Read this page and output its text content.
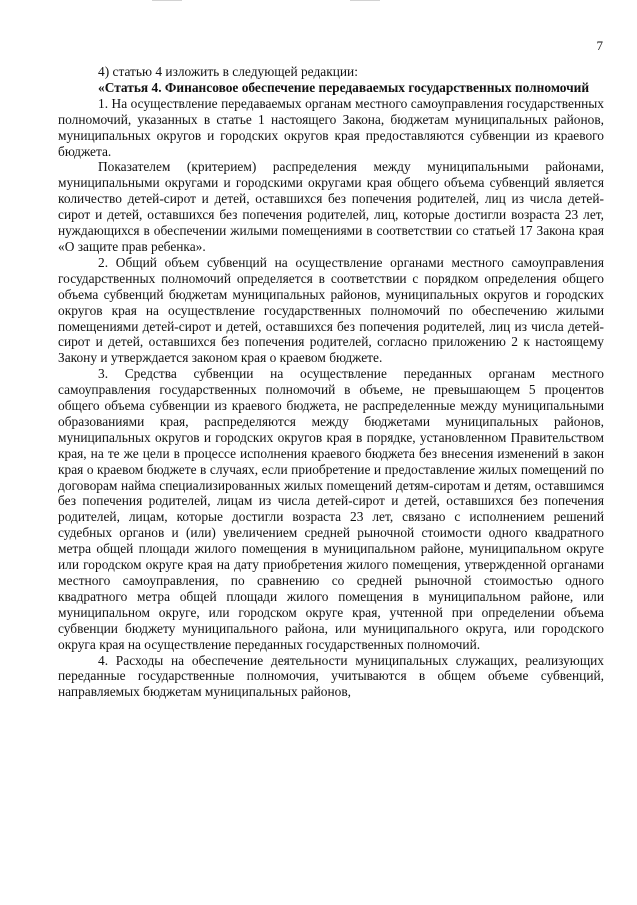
7

4) статью 4 изложить в следующей редакции:

«Статья 4. Финансовое обеспечение передаваемых государственных полномочий

1. На осуществление передаваемых органам местного самоуправления государственных полномочий, указанных в статье 1 настоящего Закона, бюджетам муниципальных районов, муниципальных округов и городских округов края предоставляются субвенции из краевого бюджета.

Показателем (критерием) распределения между муниципальными районами, муниципальными округами и городскими округами края общего объема субвенций является количество детей-сирот и детей, оставшихся без попечения родителей, лиц из числа детей-сирот и детей, оставшихся без попечения родителей, лиц, которые достигли возраста 23 лет, нуждающихся в обеспечении жилыми помещениями в соответствии со статьей 17 Закона края «О защите прав ребенка».

2. Общий объем субвенций на осуществление органами местного самоуправления государственных полномочий определяется в соответствии с порядком определения общего объема субвенций бюджетам муниципальных районов, муниципальных округов и городских округов края на осуществление государственных полномочий по обеспечению жилыми помещениями детей-сирот и детей, оставшихся без попечения родителей, лиц из числа детей-сирот и детей, оставшихся без попечения родителей, согласно приложению 2 к настоящему Закону и утверждается законом края о краевом бюджете.

3. Средства субвенции на осуществление переданных органам местного самоуправления государственных полномочий в объеме, не превышающем 5 процентов общего объема субвенции из краевого бюджета, не распределенные между муниципальными образованиями края, распределяются между бюджетами муниципальных районов, муниципальных округов и городских округов края в порядке, установленном Правительством края, на те же цели в процессе исполнения краевого бюджета без внесения изменений в закон края о краевом бюджете в случаях, если приобретение и предоставление жилых помещений по договорам найма специализированных жилых помещений детям-сиротам и детям, оставшимся без попечения родителей, лицам из числа детей-сирот и детей, оставшихся без попечения родителей, лицам, которые достигли возраста 23 лет, связано с исполнением решений судебных органов и (или) увеличением средней рыночной стоимости одного квадратного метра общей площади жилого помещения в муниципальном районе, муниципальном округе или городском округе края на дату приобретения жилого помещения, утвержденной органами местного самоуправления, по сравнению со средней рыночной стоимостью одного квадратного метра общей площади жилого помещения в муниципальном районе, или муниципальном округе, или городском округе края, учтенной при определении объема субвенции бюджету муниципального района, или муниципального округа, или городского округа края на осуществление переданных государственных полномочий.

4. Расходы на обеспечение деятельности муниципальных служащих, реализующих переданные государственные полномочия, учитываются в общем объеме субвенций, направляемых бюджетам муниципальных районов,
